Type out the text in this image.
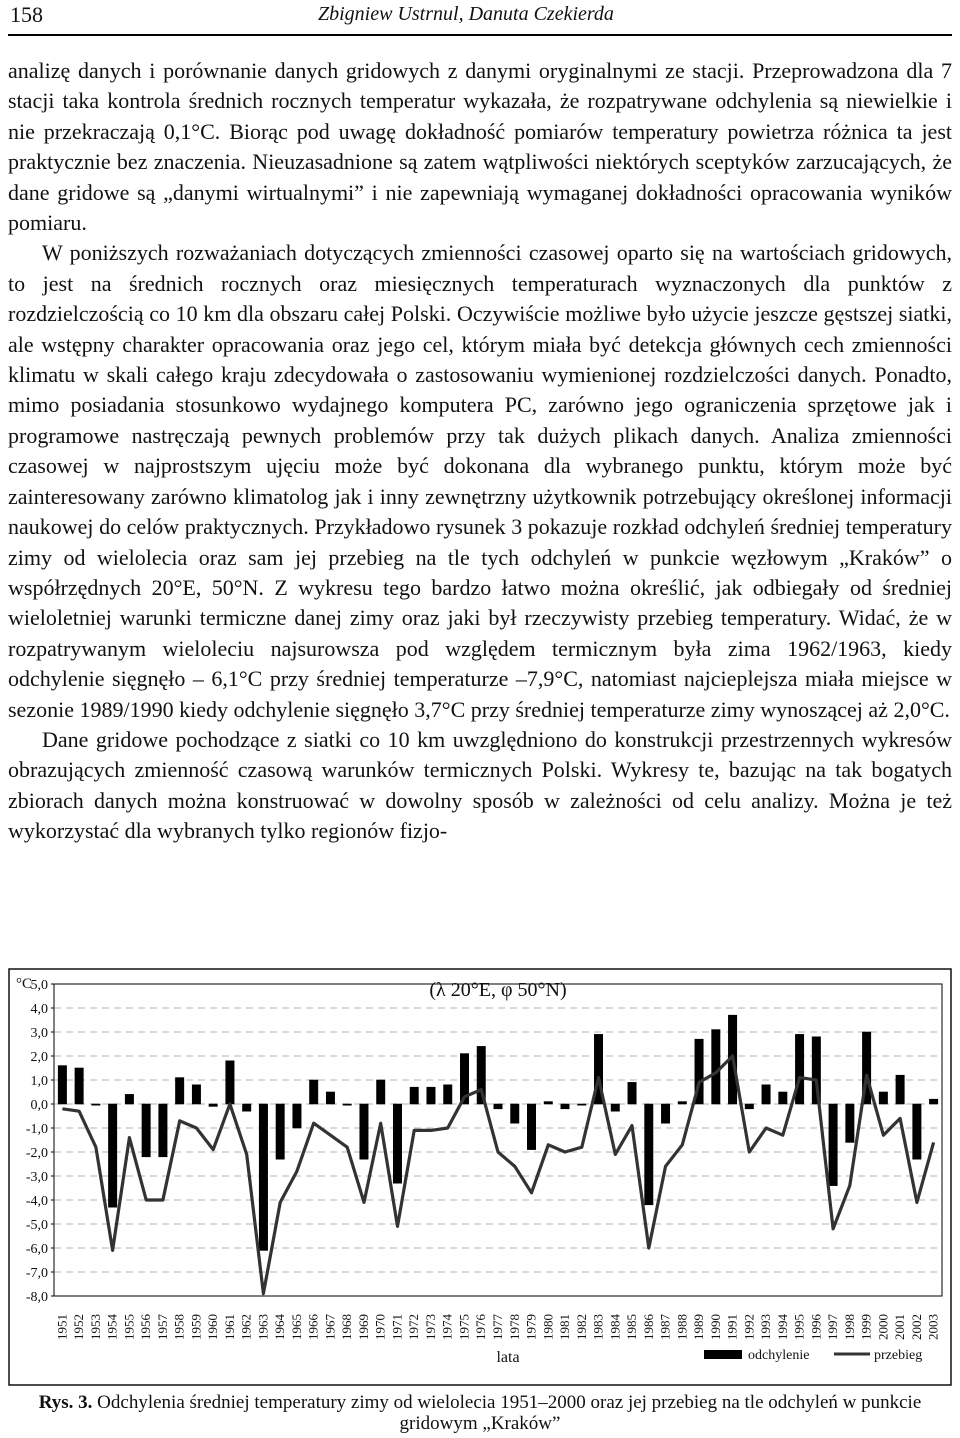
158	Zbigniew Ustrnul, Danuta Czekierda

analizę danych i porównanie danych gridowych z danymi oryginalnymi ze stacji. Przeprowadzona dla 7 stacji taka kontrola średnich rocznych temperatur wykazała, że rozpatrywane odchylenia są niewielkie i nie przekraczają 0,1°C. Biorąc pod uwagę dokładność pomiarów temperatury powietrza różnica ta jest praktycznie bez znaczenia. Nieuzasadnione są zatem wątpliwości niektórych sceptyków zarzucających, że dane gridowe są „danymi wirtualnymi” i nie zapewniają wymaganej dokładności opracowania wyników pomiaru.

W poniższych rozważaniach dotyczących zmienności czasowej oparto się na wartościach gridowych, to jest na średnich rocznych oraz miesięcznych temperaturach wyznaczonych dla punktów z rozdzielczością co 10 km dla obszaru całej Polski. Oczywiście możliwe było użycie jeszcze gęstszej siatki, ale wstępny charakter opracowania oraz jego cel, którym miała być detekcja głównych cech zmienności klimatu w skali całego kraju zdecydowała o zastosowaniu wymienionej rozdzielczości danych. Ponadto, mimo posiadania stosunkowo wydajnego komputera PC, zarówno jego ograniczenia sprzętowe jak i programowe nastręczają pewnych problemów przy tak dużych plikach danych. Analiza zmienności czasowej w najprostszym ujęciu może być dokonana dla wybranego punktu, którym może być zainteresowany zarówno klimatolog jak i inny zewnętrzny użytkownik potrzebujący określonej informacji naukowej do celów praktycznych. Przykładowo rysunek 3 pokazuje rozkład odchyleń średniej temperatury zimy od wielolecia oraz sam jej przebieg na tle tych odchyleń w punkcie węzłowym „Kraków” o współrzędnych 20°E, 50°N. Z wykresu tego bardzo łatwo można określić, jak odbiegały od średniej wieloletniej warunki termiczne danej zimy oraz jaki był rzeczywisty przebieg temperatury. Widać, że w rozpatrywanym wieloleciu najsurowsza pod względem termicznym była zima 1962/1963, kiedy odchylenie sięgnęło – 6,1°C przy średniej temperaturze –7,9°C, natomiast najcieplejsza miała miejsce w sezonie 1989/1990 kiedy odchylenie sięgnęło 3,7°C przy średniej temperaturze zimy wynoszącej aż 2,0°C.

Dane gridowe pochodzące z siatki co 10 km uwzględniono do konstrukcji przestrzennych wykresów obrazujących zmienność czasową warunków termicznych Polski. Wykresy te, bazując na tak bogatych zbiorach danych można konstruować w dowolny sposób w zależności od celu analizy. Można je też wykorzystać dla wybranych tylko regionów fizjo-

°C
5,0
4,0
3,0
2,0
1,0
0,0
-1,0
-2,0
-3,0
-4,0
-5,0
-6,0
-7,0
-8,0
(λ 20°E, φ 50°N)
1951 1952 1953 1954 1955 1956 1957 1958 1959 1960 1961 1962 1963 1964 1965 1966 1967 1968 1969 1970 1971 1972 1973 1974 1975 1976 1977 1978 1979 1980 1981 1982 1983 1984 1985 1986 1987 1988 1989 1990 1991 1992 1993 1994 1995 1996 1997 1998 1999 2000 2001 2002 2003
lata	odchylenie	przebieg
Rys. 3. Odchylenia średniej temperatury zimy od wielolecia 1951–2000 oraz jej przebieg na tle odchyleń w punkcie gridowym „Kraków”
